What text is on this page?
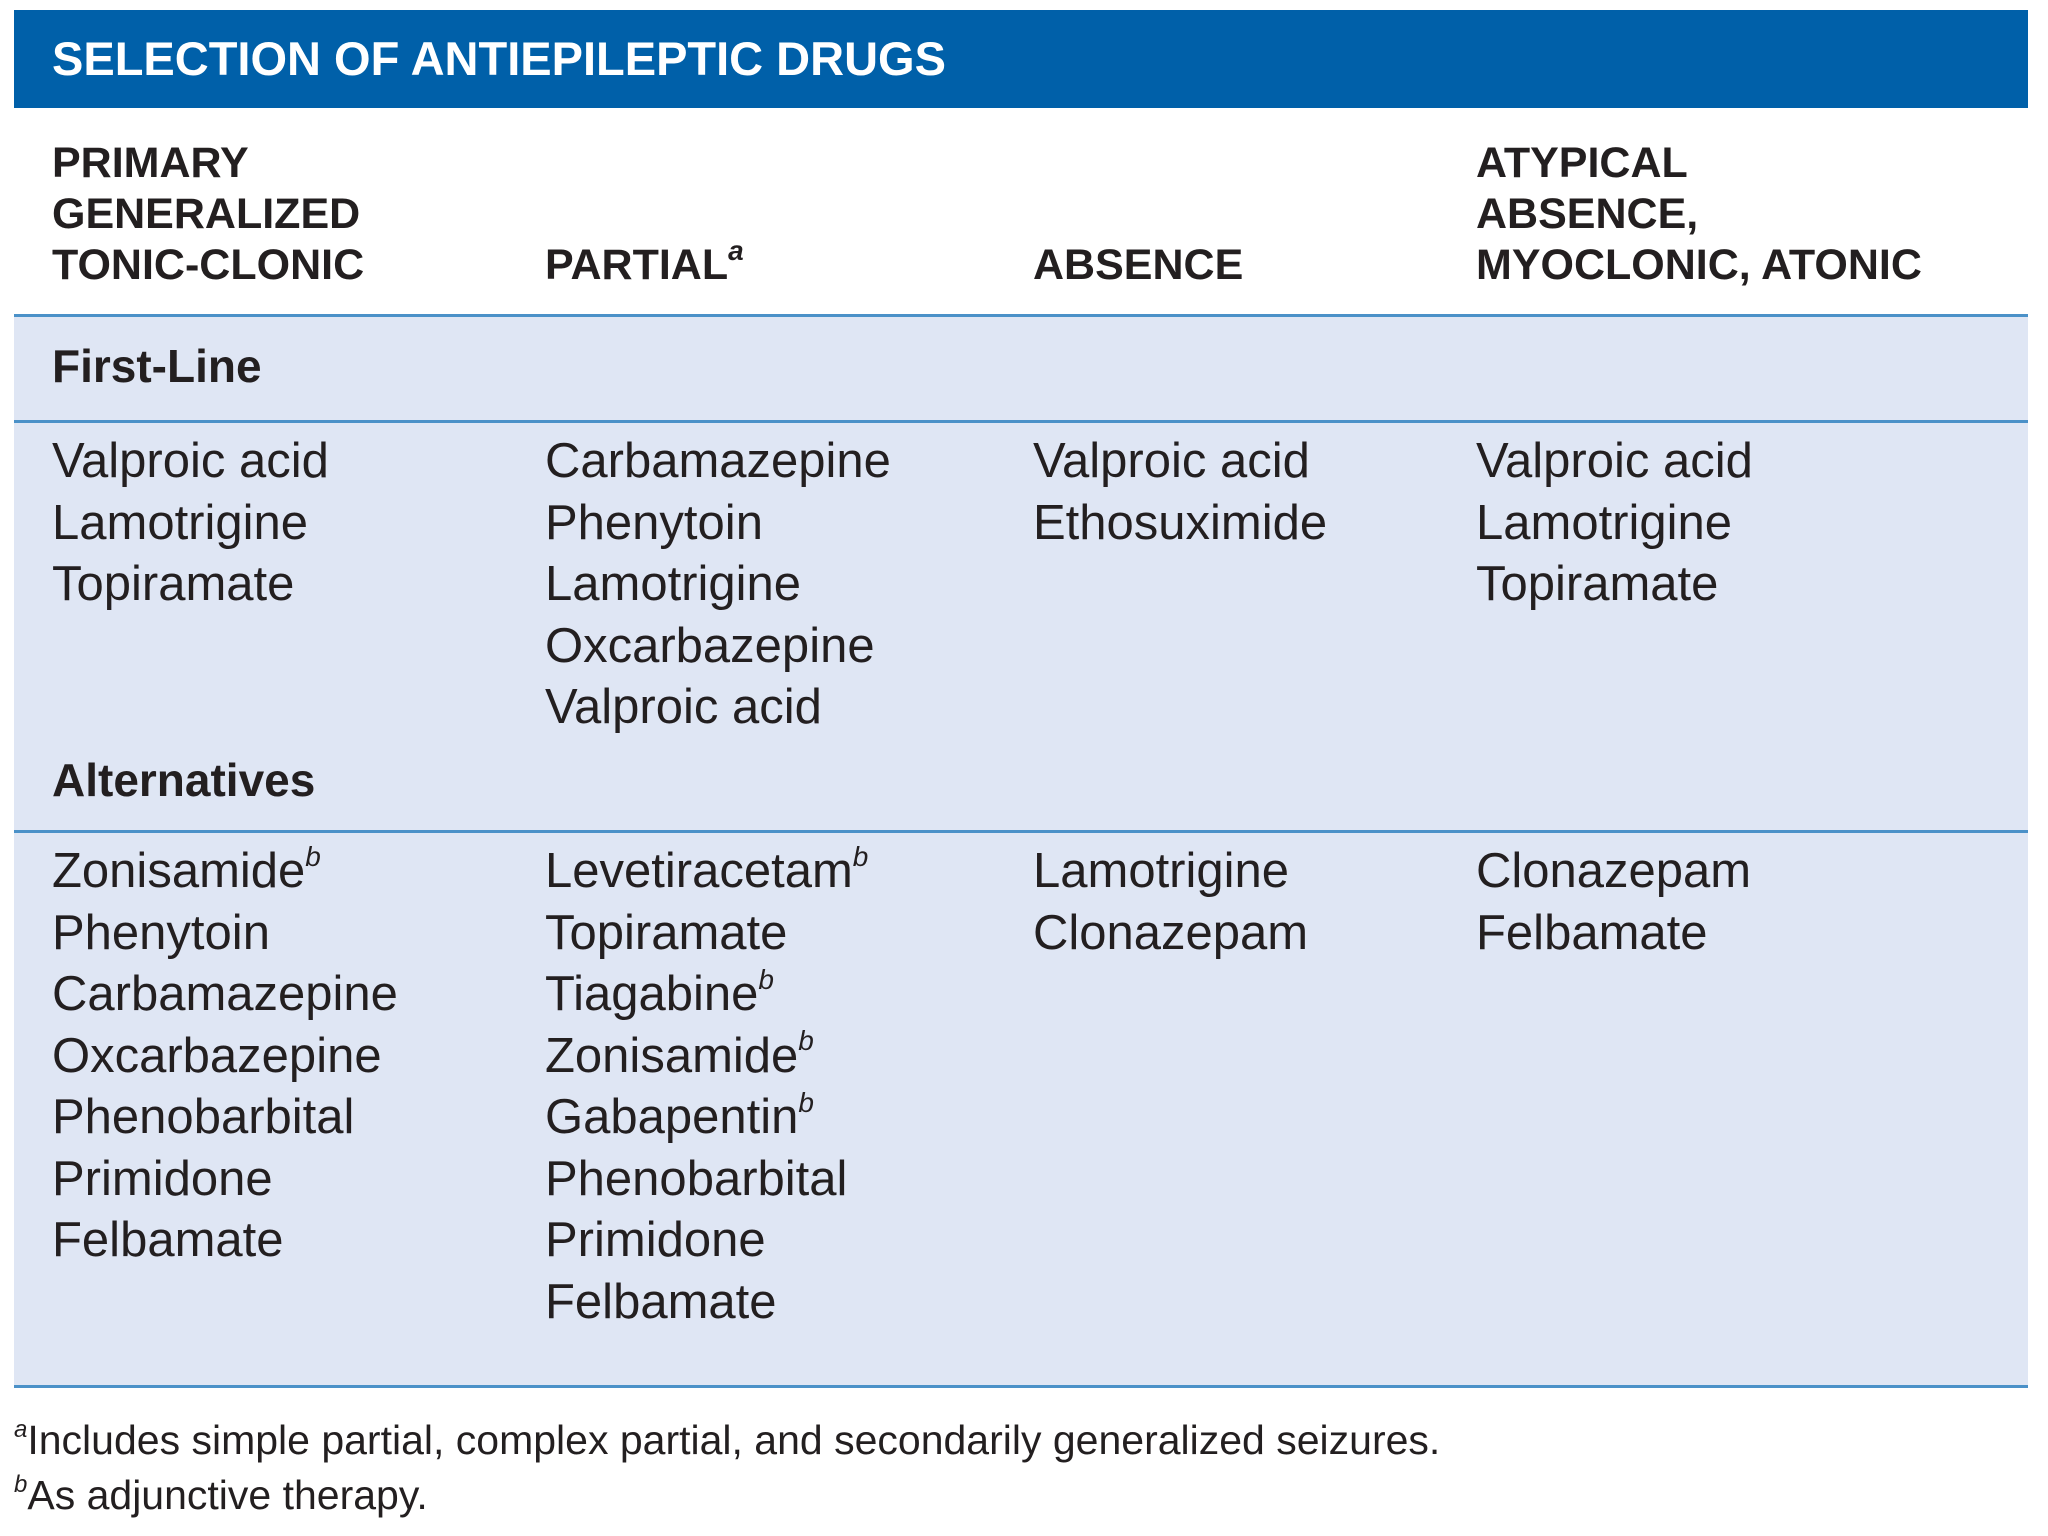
SELECTION OF ANTIEPILEPTIC DRUGS
PRIMARY
GENERALIZED
TONIC-CLONIC	PARTIAL$^a$	ABSENCE
ATYPICAL
ABSENCE,
MYOCLONIC, ATONIC
First-Line
Valproic acid
Lamotrigine
Topiramate
Carbamazepine
Phenytoin
Lamotrigine
Oxcarbazepine
Valproic acid
Valproic acid
Ethosuximide
Valproic acid
Lamotrigine
Topiramate
Alternatives
Zonisamide$^b$
Phenytoin
Carbamazepine
Oxcarbazepine
Phenobarbital
Primidone
Felbamate
Levetiracetam$^b$
Topiramate
Tiagabine$^b$
Zonisamide$^b$
Gabapentin$^b$
Phenobarbital
Primidone
Felbamate
Lamotrigine
Clonazepam
Clonazepam
Felbamate
$^a$Includes simple partial, complex partial, and secondarily generalized seizures.
$^b$As adjunctive therapy.
